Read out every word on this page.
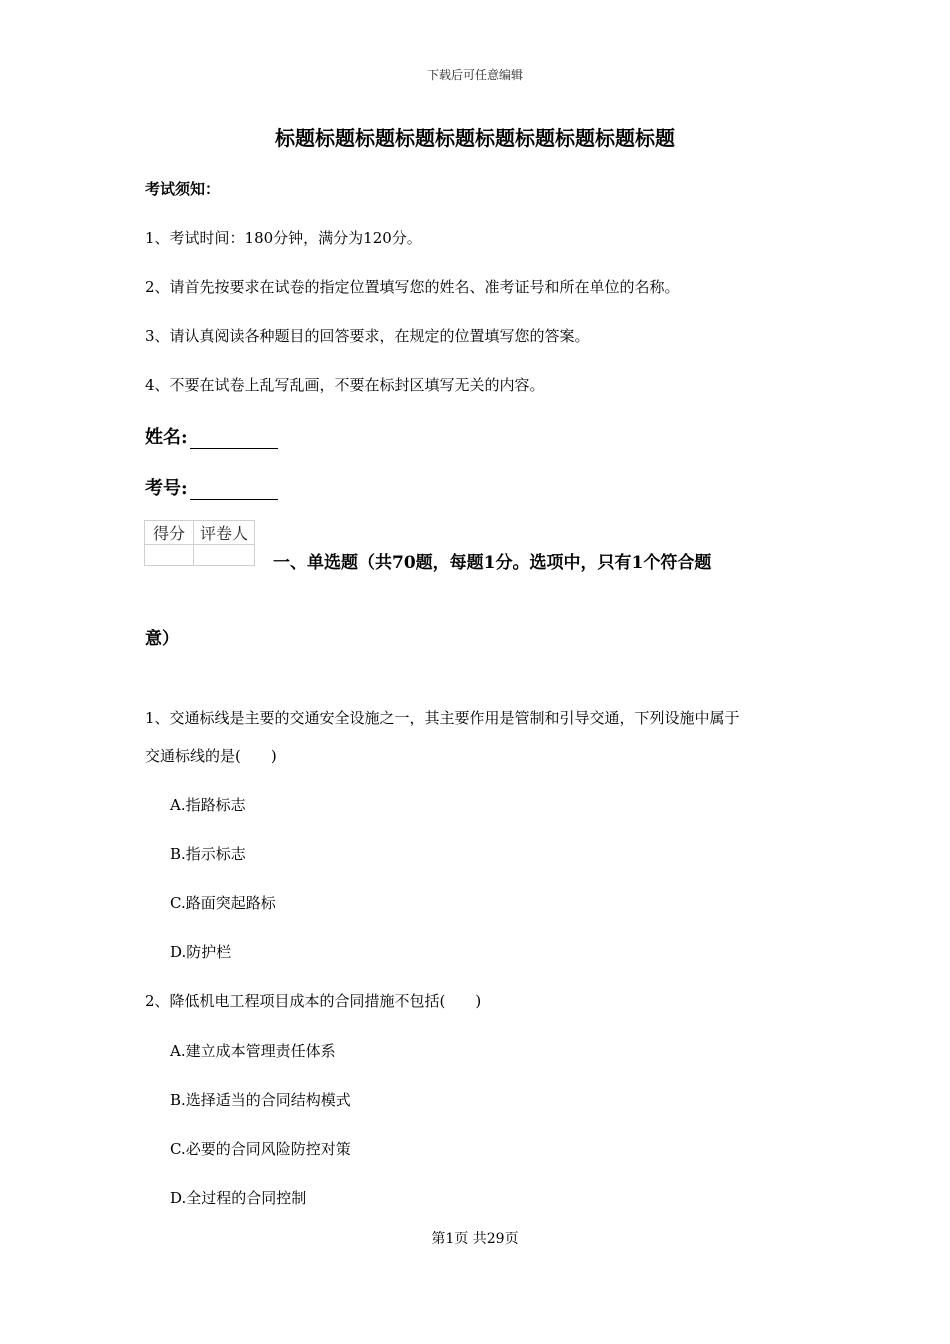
下载后可任意编辑
标题标题标题标题标题标题标题标题标题标题
考试须知：
1、考试时间：180分钟，满分为120分。
2、请首先按要求在试卷的指定位置填写您的姓名、准考证号和所在单位的名称。
3、请认真阅读各种题目的回答要求，在规定的位置填写您的答案。
4、不要在试卷上乱写乱画，不要在标封区填写无关的内容。
姓名:
考号:
得分	评卷人

一、单选题（共70题，每题1分。选项中，只有1个符合题
意）
1、交通标线是主要的交通安全设施之一，其主要作用是管制和引导交通，下列设施中属于
交通标线的是(　　)
A.指路标志
B.指示标志
C.路面突起路标
D.防护栏
2、降低机电工程项目成本的合同措施不包括(　　)
A.建立成本管理责任体系
B.选择适当的合同结构模式
C.必要的合同风险防控对策
D.全过程的合同控制
第1页 共29页
